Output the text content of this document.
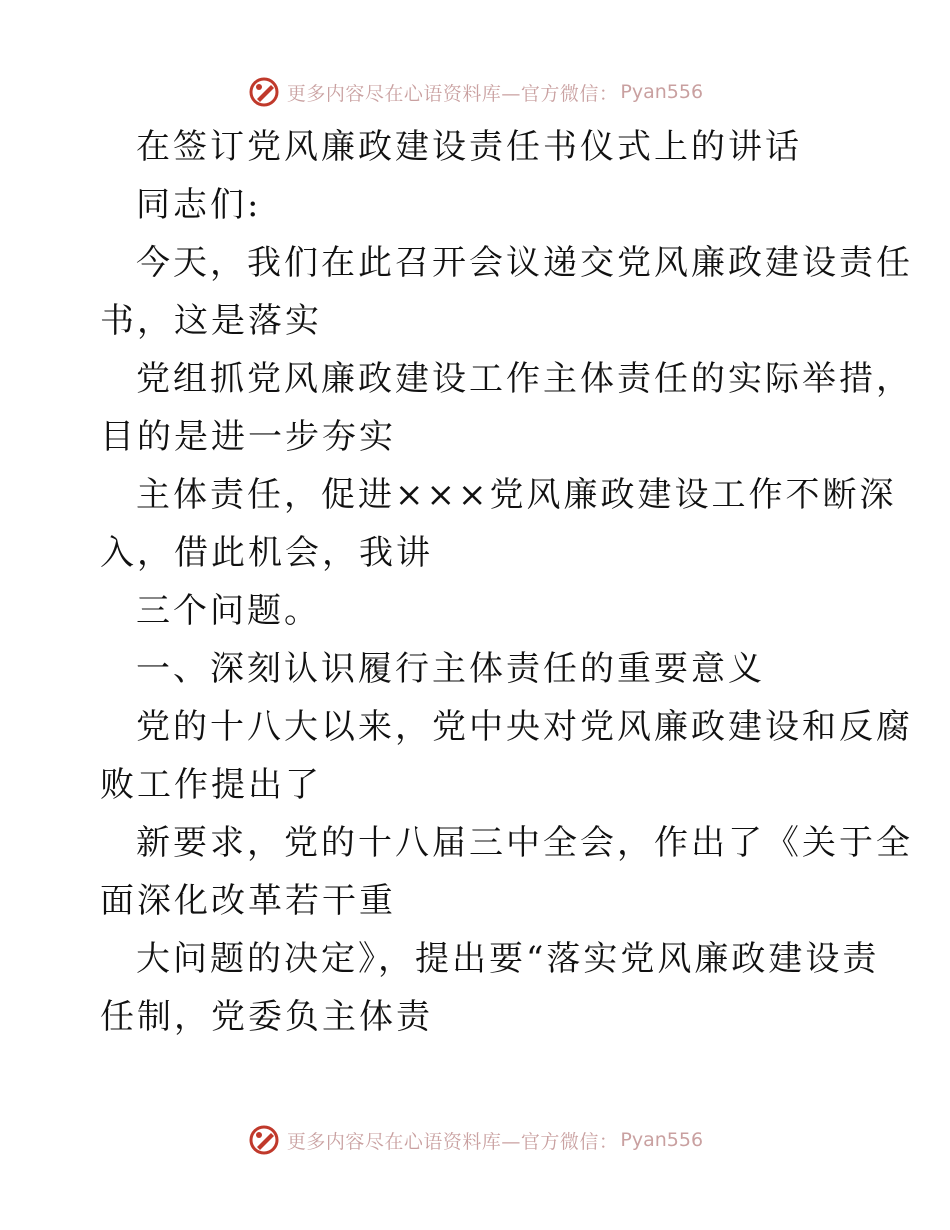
更多内容尽在心语资料库—官方微信： Pyan556
在签订党风廉政建设责任书仪式上的讲话
同志们:
今天，我们在此召开会议递交党风廉政建设责任
书，这是落实
党组抓党风廉政建设工作主体责任的实际举措，
目的是进一步夯实
主体责任，促进×××党风廉政建设工作不断深
入，借此机会，我讲
三个问题。
一、深刻认识履行主体责任的重要意义
党的十八大以来，党中央对党风廉政建设和反腐
败工作提出了
新要求，党的十八届三中全会，作出了《关于全
面深化改革若干重
大问题的决定》，提出要“落实党风廉政建设责
任制，党委负主体责
更多内容尽在心语资料库—官方微信： Pyan556
